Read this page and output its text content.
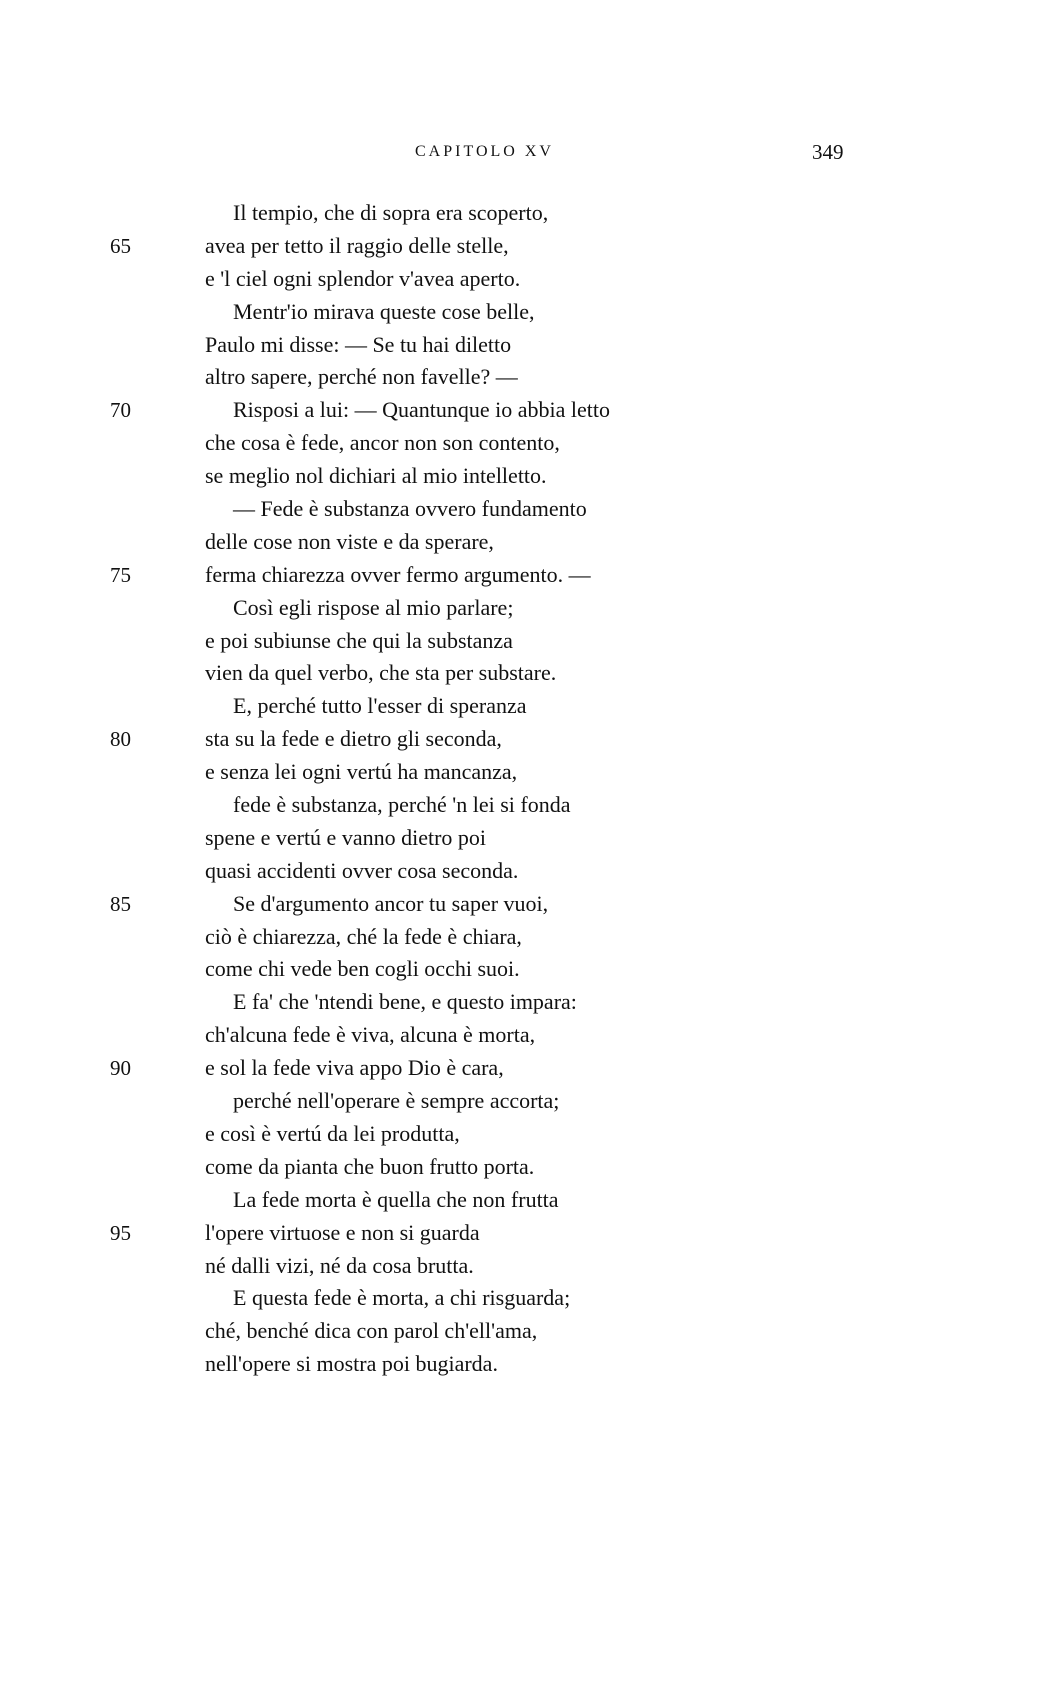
CAPITOLO XV	349
Il tempio, che di sopra era scoperto,
65	avea per tetto il raggio delle stelle,
e 'l ciel ogni splendor v'avea aperto.
Mentr'io mirava queste cose belle,
Paulo mi disse: — Se tu hai diletto
altro sapere, perché non favelle? —
70	Risposi a lui: — Quantunque io abbia letto
che cosa è fede, ancor non son contento,
se meglio nol dichiari al mio intelletto.
— Fede è substanza ovvero fundamento
delle cose non viste e da sperare,
75	ferma chiarezza ovver fermo argumento. —
Così egli rispose al mio parlare;
e poi subiunse che qui la substanza
vien da quel verbo, che sta per substare.
E, perché tutto l'esser di speranza
80	sta su la fede e dietro gli seconda,
e senza lei ogni vertú ha mancanza,
fede è substanza, perché 'n lei si fonda
spene e vertú e vanno dietro poi
quasi accidenti ovver cosa seconda.
85	Se d'argumento ancor tu saper vuoi,
ciò è chiarezza, ché la fede è chiara,
come chi vede ben cogli occhi suoi.
E fa' che 'ntendi bene, e questo impara:
ch'alcuna fede è viva, alcuna è morta,
90	e sol la fede viva appo Dio è cara,
perché nell'operare è sempre accorta;
e così è vertú da lei produtta,
come da pianta che buon frutto porta.
La fede morta è quella che non frutta
95	l'opere virtuose e non si guarda
né dalli vizi, né da cosa brutta.
E questa fede è morta, a chi risguarda;
ché, benché dica con parol ch'ell'ama,
nell'opere si mostra poi bugiarda.
